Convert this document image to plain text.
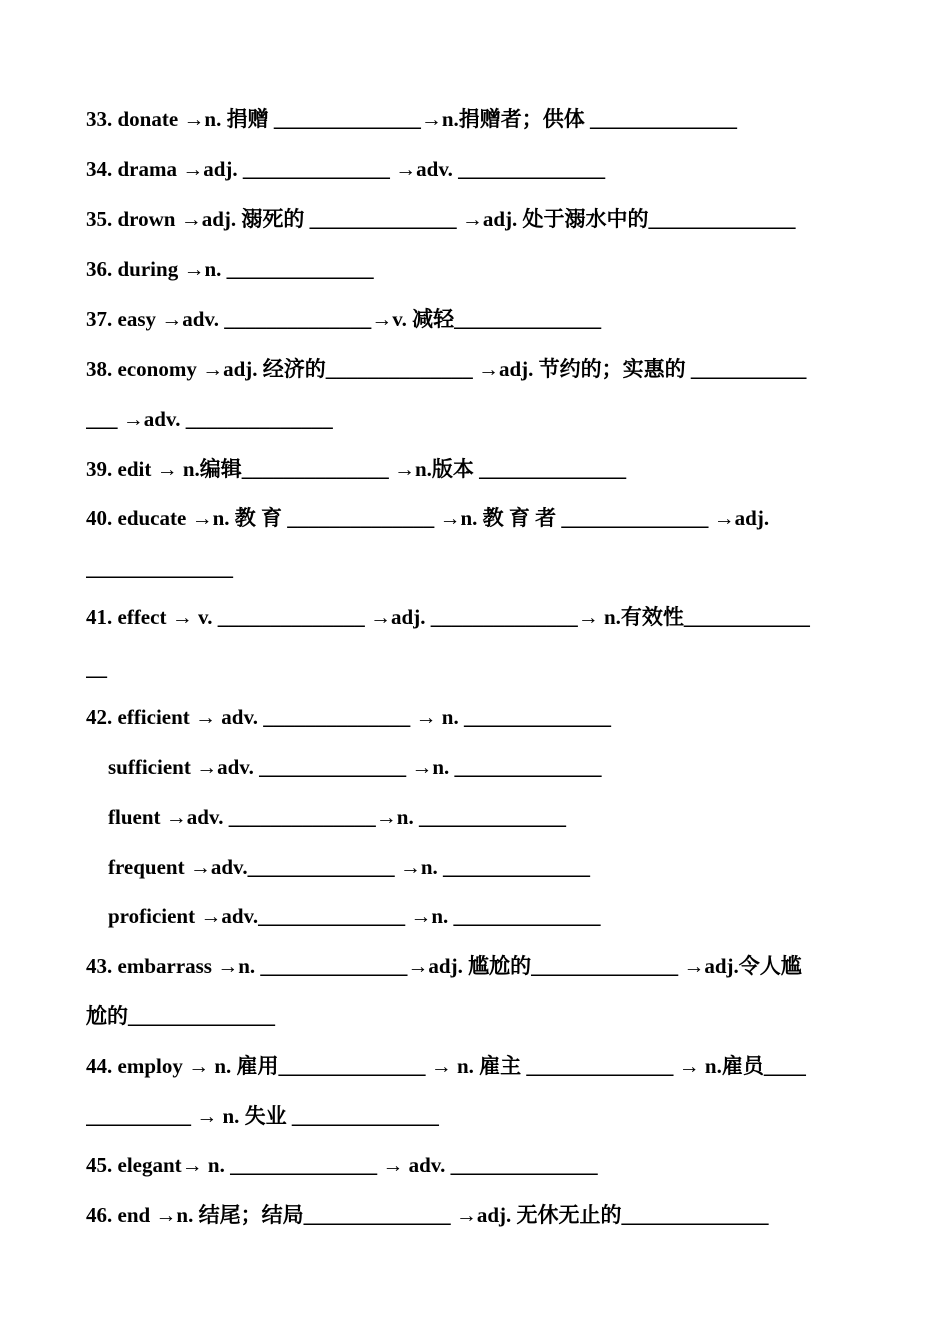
33. donate →n. 捐赠 ______________→n.捐赠者；供体 ______________
34. drama →adj. ______________ →adv. ______________
35. drown →adj. 溺死的 ______________ →adj. 处于溺水中的______________
36. during →n. ______________
37. easy →adv. ______________→v. 减轻______________
38. economy →adj. 经济的______________ →adj. 节约的；实惠的 ___________
___ →adv. ______________
39. edit → n.编辑______________ →n.版本 ______________
40. educate →n. 教 育 ______________ →n. 教 育 者 ______________ →adj.
______________
41. effect → v. ______________ →adj. ______________→ n.有效性____________
__
42. efficient → adv. ______________ → n. ______________
sufficient →adv. ______________ →n. ______________
fluent →adv. ______________→n. ______________
frequent →adv.______________ →n. ______________
proficient →adv.______________ →n. ______________
43. embarrass →n. ______________→adj. 尴尬的______________ →adj.令人尴
尬的______________
44. employ → n. 雇用______________ → n. 雇主 ______________ → n.雇员____
__________ → n. 失业 ______________
45. elegant→ n. ______________ → adv. ______________
46. end →n. 结尾；结局______________ →adj. 无休无止的______________
